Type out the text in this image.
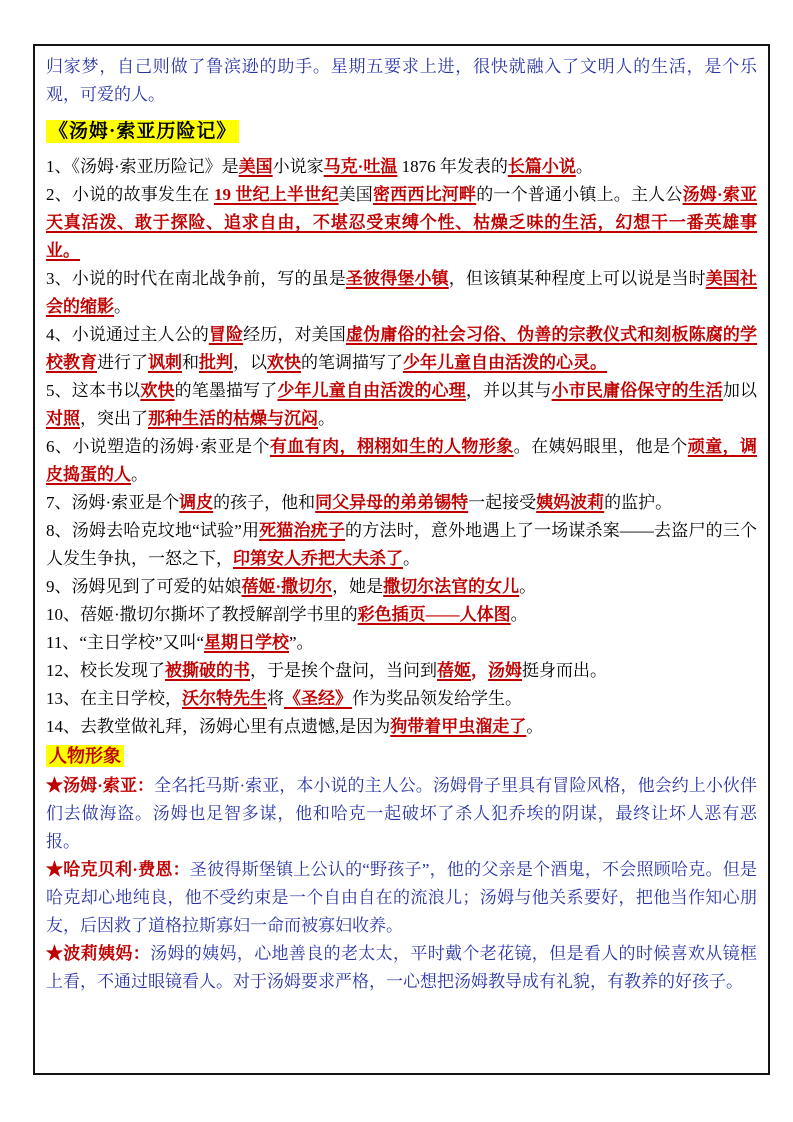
归家梦，自己则做了鲁滨逊的助手。星期五要求上进，很快就融入了文明人的生活，是个乐观，可爱的人。
《汤姆·索亚历险记》
1、《汤姆·索亚历险记》是美国小说家马克·吐温 1876 年发表的长篇小说。
2、小说的故事发生在 19 世纪上半世纪美国密西西比河畔的一个普通小镇上。主人公汤姆·索亚天真活泼、敢于探险、追求自由，不堪忍受束缚个性、枯燥乏味的生活，幻想干一番英雄事业。
3、小说的时代在南北战争前，写的虽是圣彼得堡小镇，但该镇某种程度上可以说是当时美国社会的缩影。
4、小说通过主人公的冒险经历，对美国虚伪庸俗的社会习俗、伪善的宗教仪式和刻板陈腐的学校教育进行了讽刺和批判，以欢快的笔调描写了少年儿童自由活泼的心灵。
5、这本书以欢快的笔墨描写了少年儿童自由活泼的心理，并以其与小市民庸俗保守的生活加以对照，突出了那种生活的枯燥与沉闷。
6、小说塑造的汤姆·索亚是个有血有肉，栩栩如生的人物形象。在姨妈眼里，他是个顽童，调皮捣蛋的人。
7、汤姆·索亚是个调皮的孩子，他和同父异母的弟弟锡特一起接受姨妈波莉的监护。
8、汤姆去哈克坟地“试验”用死猫治疣子的方法时，意外地遇上了一场谋杀案——去盗尸的三个人发生争执，一怒之下，印第安人乔把大夫杀了。
9、汤姆见到了可爱的姑娘蓓姬·撒切尔，她是撒切尔法官的女儿。
10、蓓姬·撒切尔撕坏了教授解剖学书里的彩色插页——人体图。
11、“主日学校”又叫“星期日学校”。
12、校长发现了被撕破的书，于是挨个盘问，当问到蓓姬，汤姆挺身而出。
13、在主日学校，沃尔特先生将《圣经》作为奖品领发给学生。
14、去教堂做礼拜，汤姆心里有点遗憾,是因为狗带着甲虫溜走了。
人物形象
★汤姆·索亚：全名托马斯·索亚，本小说的主人公。汤姆骨子里具有冒险风格，他会约上小伙伴们去做海盗。汤姆也足智多谋，他和哈克一起破坏了杀人犯乔埃的阴谋，最终让坏人恶有恶报。
★哈克贝利·费恩：圣彼得斯堡镇上公认的“野孩子”，他的父亲是个酒鬼，不会照顾哈克。但是哈克却心地纯良，他不受约束是一个自由自在的流浪儿；汤姆与他关系要好，把他当作知心朋友，后因救了道格拉斯寡妇一命而被寡妇收养。
★波莉姨妈：汤姆的姨妈，心地善良的老太太，平时戴个老花镜，但是看人的时候喜欢从镜框上看，不通过眼镜看人。对于汤姆要求严格，一心想把汤姆教导成有礼貌，有教养的好孩子。
